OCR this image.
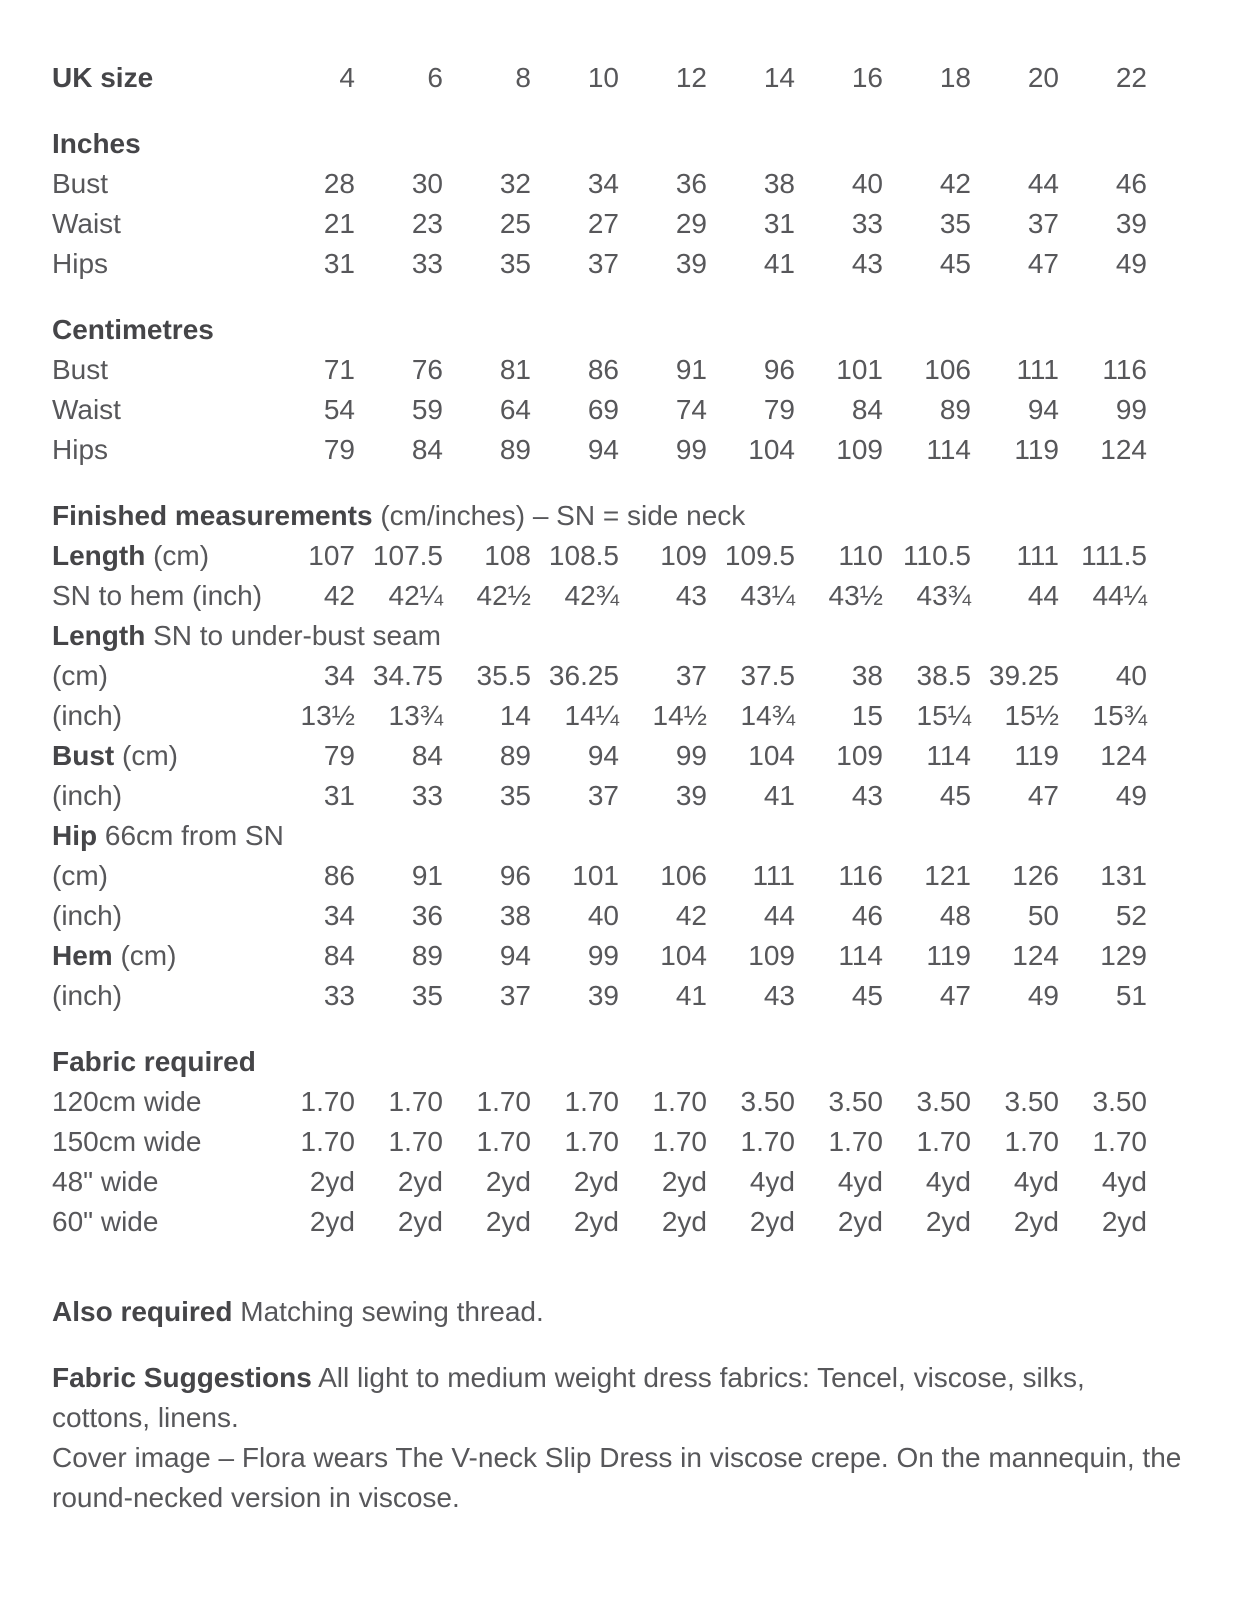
UK size	4	6	8	10	12	14	16	18	20	22

Inches										
Bust	28	30	32	34	36	38	40	42	44	46
Waist	21	23	25	27	29	31	33	35	37	39
Hips	31	33	35	37	39	41	43	45	47	49

Centimetres										
Bust	71	76	81	86	91	96	101	106	111	116
Waist	54	59	64	69	74	79	84	89	94	99
Hips	79	84	89	94	99	104	109	114	119	124

Finished measurements (cm/inches) – SN = side neck										
Length (cm)	107	107.5	108	108.5	109	109.5	110	110.5	111	111.5
SN to hem (inch)	42	42¼	42½	42¾	43	43¼	43½	43¾	44	44¼
Length SN to under-bust seam										
(cm)	34	34.75	35.5	36.25	37	37.5	38	38.5	39.25	40
(inch)	13½	13¾	14	14¼	14½	14¾	15	15¼	15½	15¾
Bust (cm)	79	84	89	94	99	104	109	114	119	124
(inch)	31	33	35	37	39	41	43	45	47	49
Hip 66cm from SN										
(cm)	86	91	96	101	106	111	116	121	126	131
(inch)	34	36	38	40	42	44	46	48	50	52
Hem (cm)	84	89	94	99	104	109	114	119	124	129
(inch)	33	35	37	39	41	43	45	47	49	51

Fabric required										
120cm wide	1.70	1.70	1.70	1.70	1.70	3.50	3.50	3.50	3.50	3.50
150cm wide	1.70	1.70	1.70	1.70	1.70	1.70	1.70	1.70	1.70	1.70
48" wide	2yd	2yd	2yd	2yd	2yd	4yd	4yd	4yd	4yd	4yd
60" wide	2yd	2yd	2yd	2yd	2yd	2yd	2yd	2yd	2yd	2yd

Also required Matching sewing thread.

Fabric Suggestions All light to medium weight dress fabrics: Tencel, viscose, silks, cottons, linens.
Cover image – Flora wears The V-neck Slip Dress in viscose crepe. On the mannequin, the round-necked version in viscose.
